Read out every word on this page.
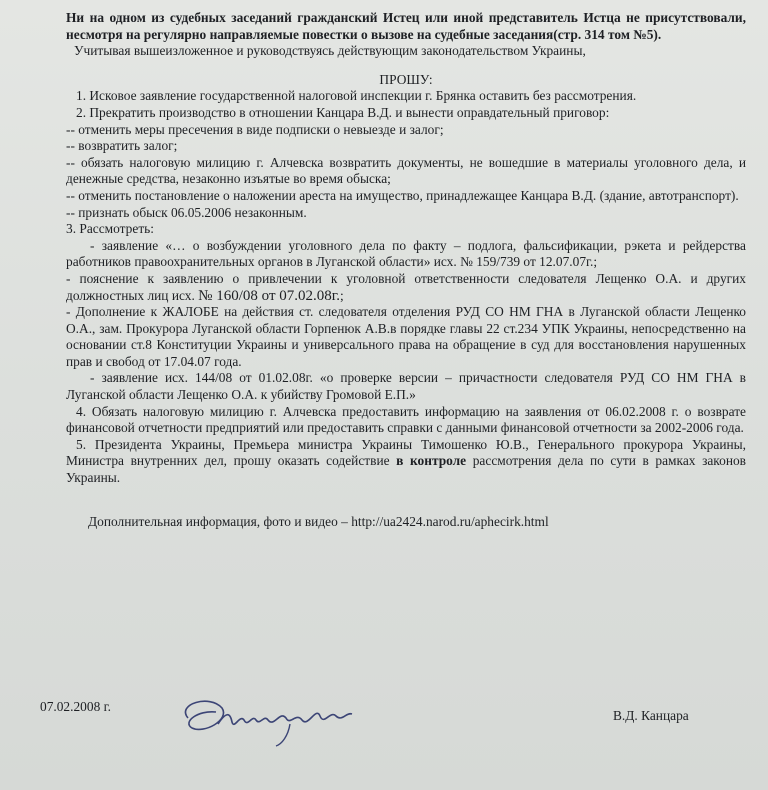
Ни на одном из судебных заседаний гражданский Истец или иной представитель Истца не присутствовали, несмотря на регулярно направляемые повестки о вызове на судебные заседания(стр. 314 том №5).

Учитывая вышеизложенное и руководствуясь действующим законодательством Украины,

ПРОШУ:

1. Исковое заявление государственной налоговой инспекции г. Брянка оставить без рассмотрения.

2. Прекратить производство в отношении Канцара В.Д. и вынести оправдательный приговор:

-- отменить меры пресечения в виде подписки о невыезде и залог;

-- возвратить залог;

-- обязать налоговую милицию г. Алчевска возвратить документы, не вошедшие в материалы уголовного дела, и денежные средства, незаконно изъятые во время обыска;

-- отменить постановление о наложении ареста на имущество, принадлежащее Канцара В.Д. (здание, автотранспорт).

-- признать обыск 06.05.2006 незаконным.

3. Рассмотреть:

- заявление «… о возбуждении уголовного дела по факту – подлога, фальсификации, рэкета и рейдерства работников правоохранительных органов в Луганской области» исх. № 159/739 от 12.07.07г.;

- пояснение к заявлению о привлечении к уголовной ответственности следователя Лещенко О.А. и других должностных лиц исх. № 160/08 от 07.02.08г.;

- Дополнение к ЖАЛОБЕ на действия ст. следователя отделения РУД СО НМ ГНА в Луганской области Лещенко О.А., зам. Прокурора Луганской области Горпенюк А.В.в порядке главы 22 ст.234 УПК Украины, непосредственно на основании ст.8 Конституции Украины и универсального права на обращение в суд для восстановления нарушенных прав и свобод от 17.04.07 года.

- заявление исх. 144/08 от 01.02.08г. «о проверке версии – причастности следователя РУД СО НМ ГНА в Луганской области Лещенко О.А. к убийству Громовой Е.П.»

4. Обязать налоговую милицию г. Алчевска предоставить информацию на заявления от 06.02.2008 г. о возврате финансовой отчетности предприятий или предоставить справки с данными финансовой отчетности за 2002-2006 года.

5. Президента Украины, Премьера министра Украины Тимошенко Ю.В., Генерального прокурора Украины, Министра внутренних дел, прошу оказать содействие в контроле рассмотрения дела по сути в рамках законов Украины.

Дополнительная информация, фото и видео – http://ua2424.narod.ru/aphecirk.html

07.02.2008 г.
В.Д. Канцара
